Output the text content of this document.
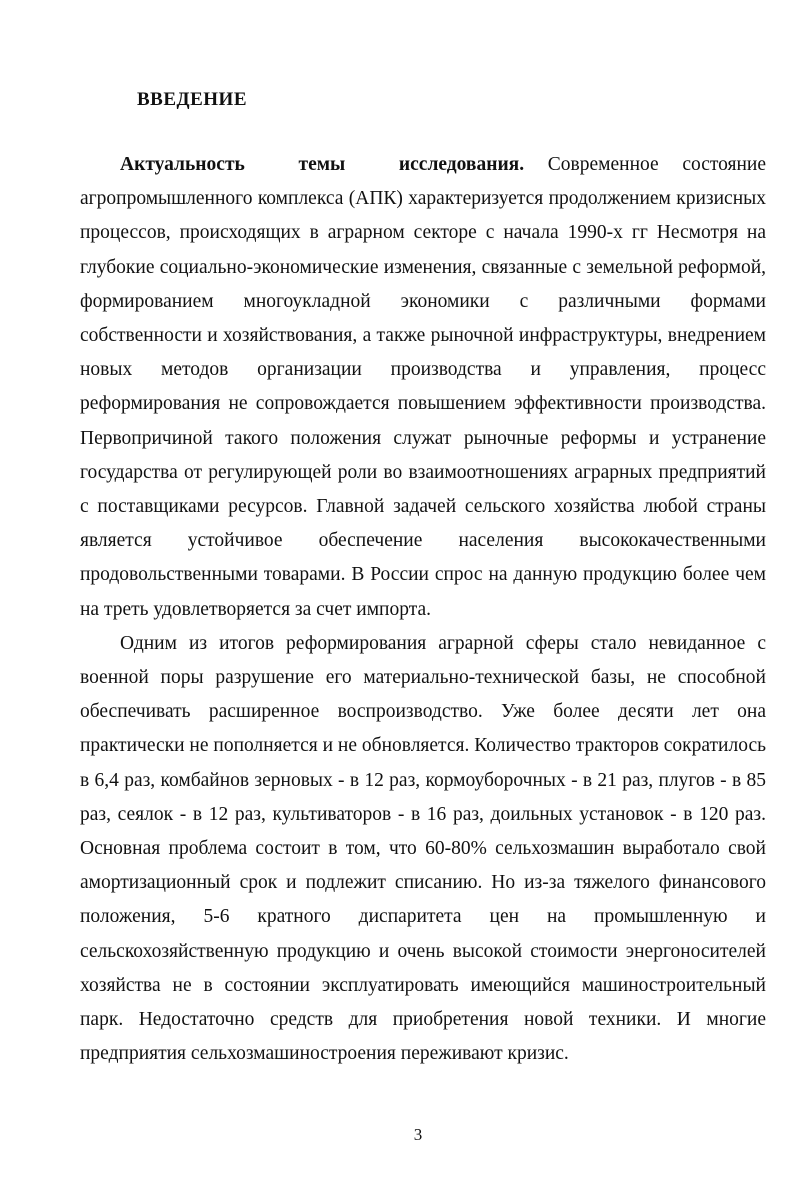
ВВЕДЕНИЕ

Актуальность темы исследования. Современное состояние агропромышленного комплекса (АПК) характеризуется продолжением кризисных процессов, происходящих в аграрном секторе с начала 1990-х гг Несмотря на глубокие социально-экономические изменения, связанные с земельной реформой, формированием многоукладной экономики с различными формами собственности и хозяйствования, а также рыночной инфраструктуры, внедрением новых методов организации производства и управления, процесс реформирования не сопровождается повышением эффективности производства. Первопричиной такого положения служат рыночные реформы и устранение государства от регулирующей роли во взаимоотношениях аграрных предприятий с поставщиками ресурсов. Главной задачей сельского хозяйства любой страны является устойчивое обеспечение населения высококачественными продовольственными товарами. В России спрос на данную продукцию более чем на треть удовлетворяется за счет импорта.

Одним из итогов реформирования аграрной сферы стало невиданное с военной поры разрушение его материально-технической базы, не способной обеспечивать расширенное воспроизводство. Уже более десяти лет она практически не пополняется и не обновляется. Количество тракторов сократилось в 6,4 раз, комбайнов зерновых - в 12 раз, кормоуборочных - в 21 раз, плугов - в 85 раз, сеялок - в 12 раз, культиваторов - в 16 раз, доильных установок - в 120 раз. Основная проблема состоит в том, что 60-80% сельхозмашин выработало свой амортизационный срок и подлежит списанию. Но из-за тяжелого финансового положения, 5-6 кратного диспаритета цен на промышленную и сельскохозяйственную продукцию и очень высокой стоимости энергоносителей хозяйства не в состоянии эксплуатировать имеющийся машиностроительный парк. Недостаточно средств для приобретения новой техники. И многие предприятия сельхозмашиностроения переживают кризис.

3
